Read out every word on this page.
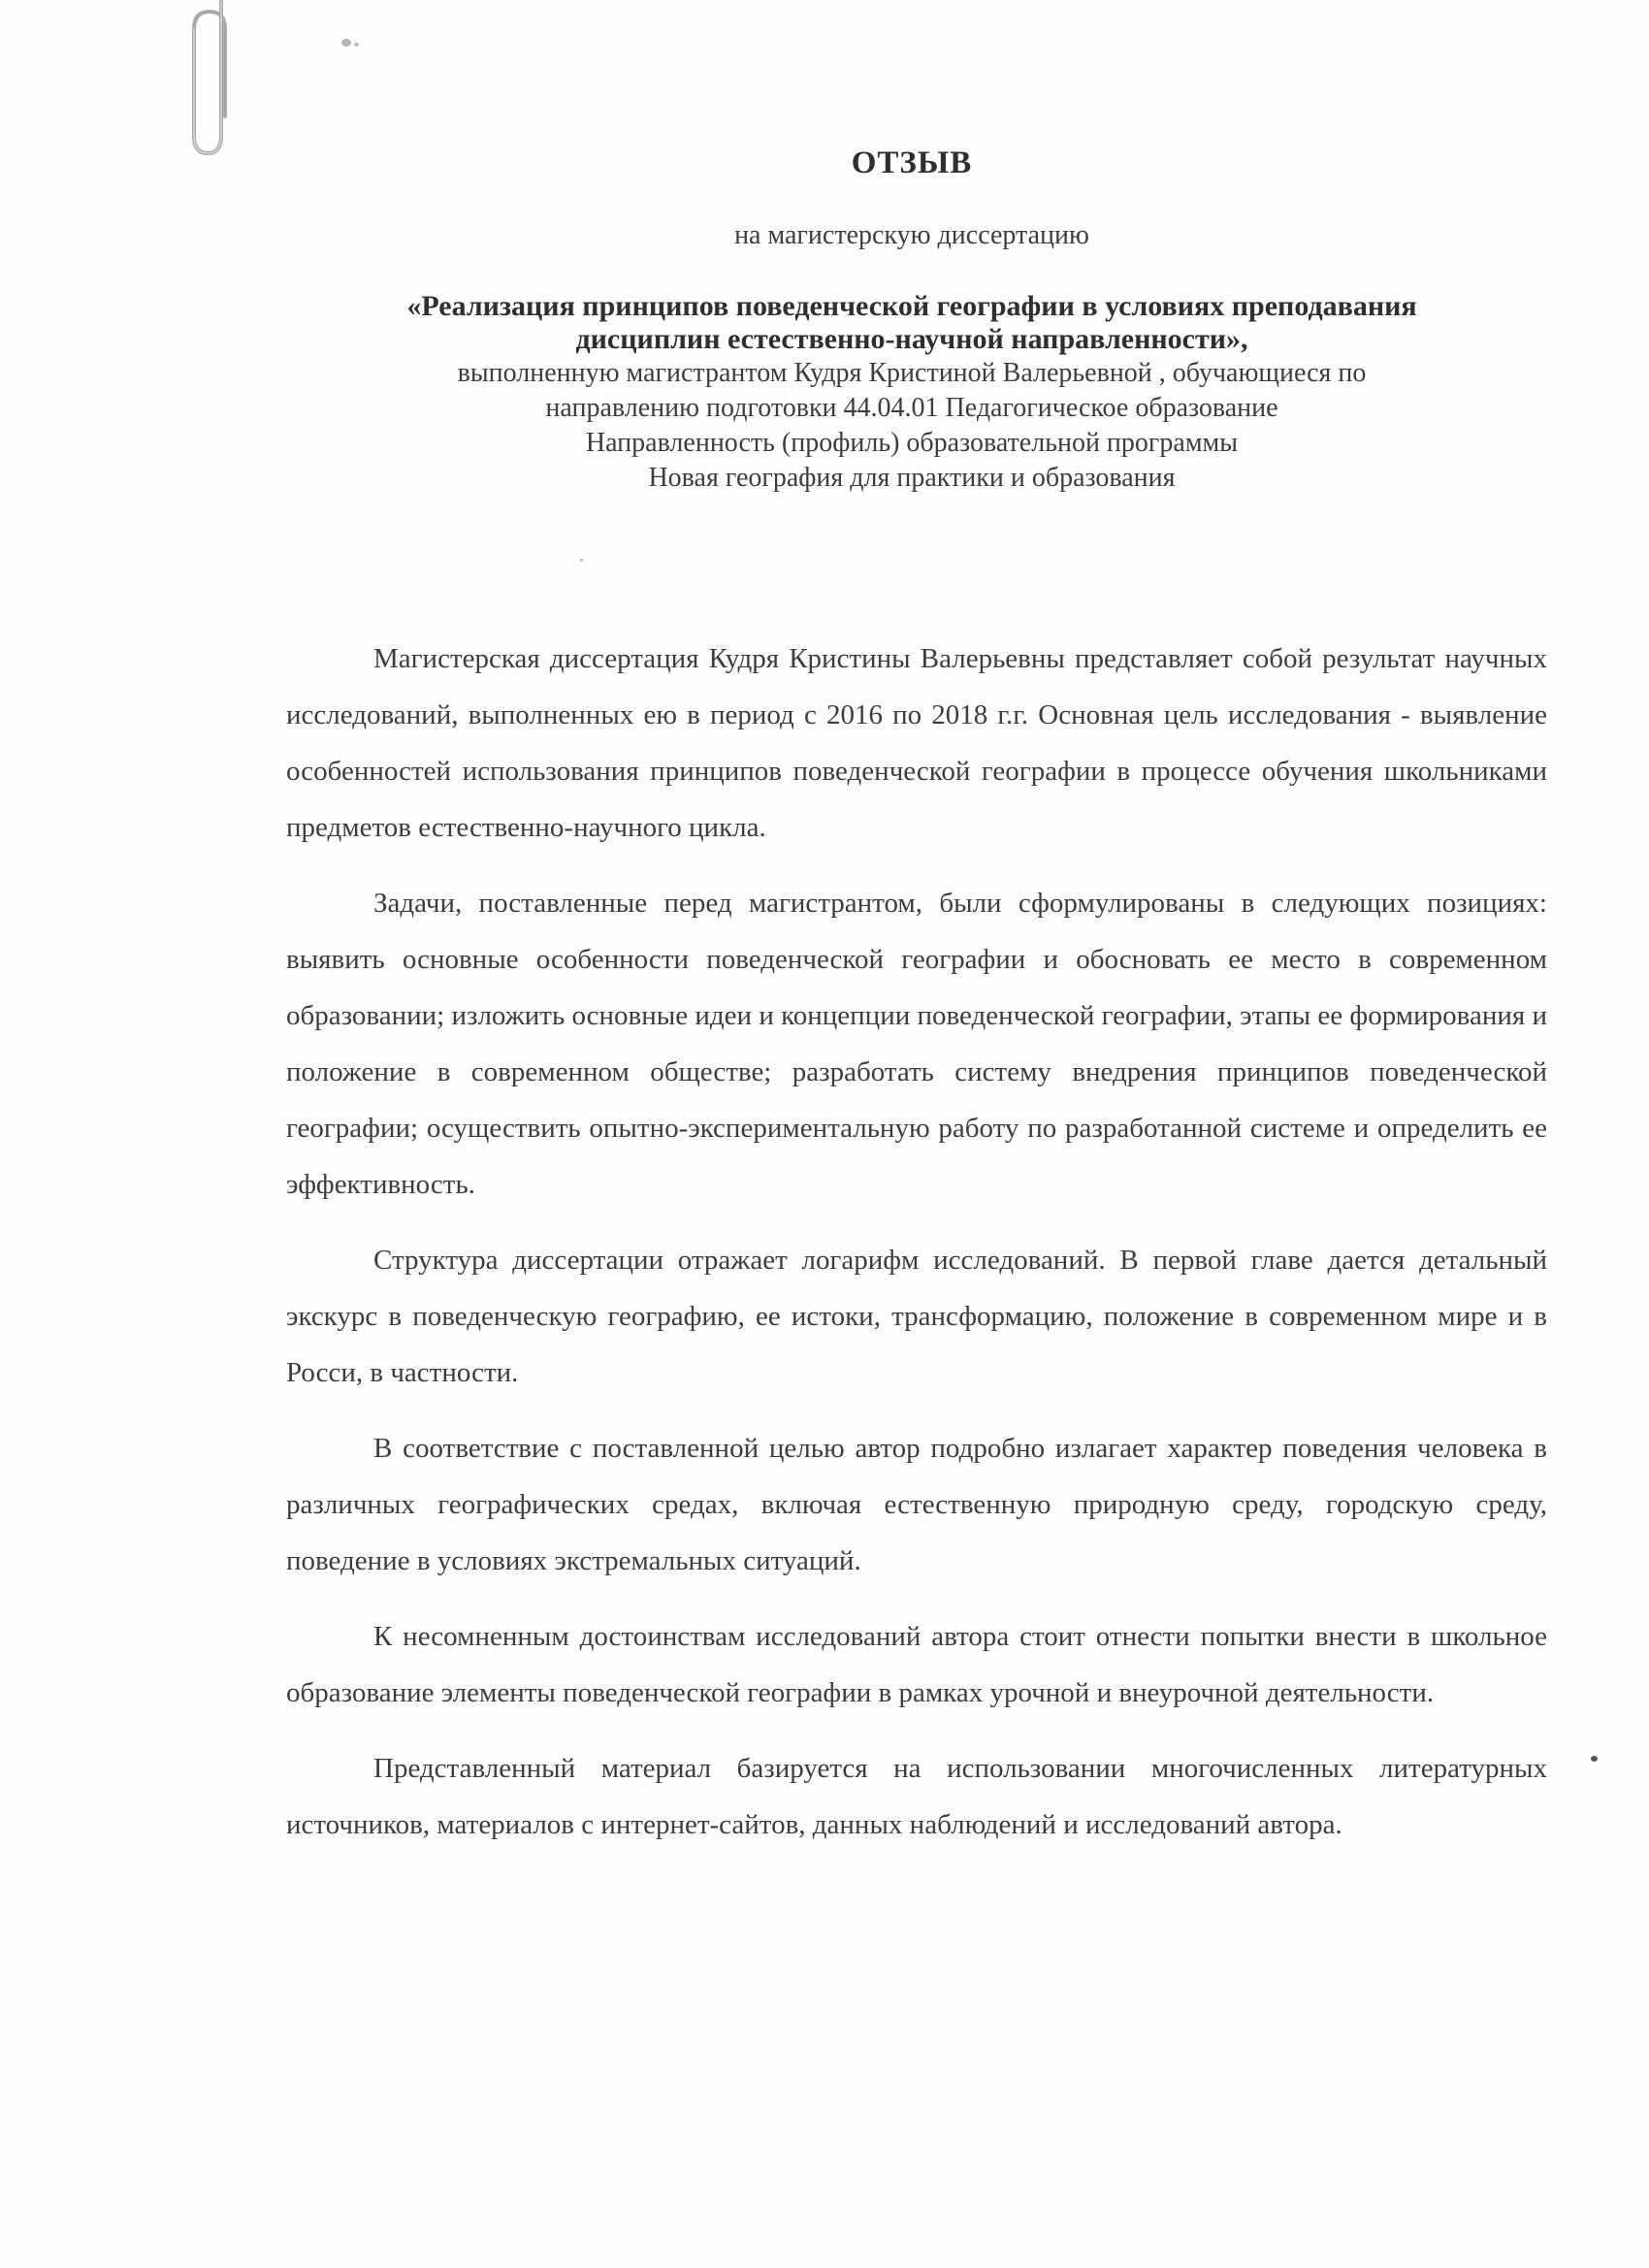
ОТЗЫВ

на магистерскую диссертацию

«Реализация принципов поведенческой географии в условиях преподавания

дисциплин естественно-научной направленности»,

выполненную магистрантом Кудря Кристиной Валерьевной , обучающиеся по

направлению подготовки 44.04.01 Педагогическое образование

Направленность (профиль) образовательной программы

Новая география для практики и образования

Магистерская диссертация Кудря Кристины Валерьевны представляет собой результат научных исследований, выполненных ею в период с 2016 по 2018 г.г. Основная цель исследования - выявление особенностей использования принципов поведенческой географии в процессе обучения школьниками предметов естественно-научного цикла.

Задачи, поставленные перед магистрантом, были сформулированы в следующих позициях: выявить основные особенности поведенческой географии и обосновать ее место в современном образовании; изложить основные идеи и концепции поведенческой географии, этапы ее формирования и положение в современном обществе; разработать систему внедрения принципов поведенческой географии; осуществить опытно-экспериментальную работу по разработанной системе и определить ее эффективность.

Структура диссертации отражает логарифм исследований. В первой главе дается детальный экскурс в поведенческую географию, ее истоки, трансформацию, положение в современном мире и в Росси, в частности.

В соответствие с поставленной целью автор подробно излагает характер поведения человека в различных географических средах, включая естественную природную среду, городскую среду, поведение в условиях экстремальных ситуаций.

К несомненным достоинствам исследований автора стоит отнести попытки внести в школьное образование элементы поведенческой географии в рамках урочной и внеурочной деятельности.

Представленный материал базируется на использовании многочисленных литературных источников, материалов с интернет-сайтов, данных наблюдений и исследований автора.
